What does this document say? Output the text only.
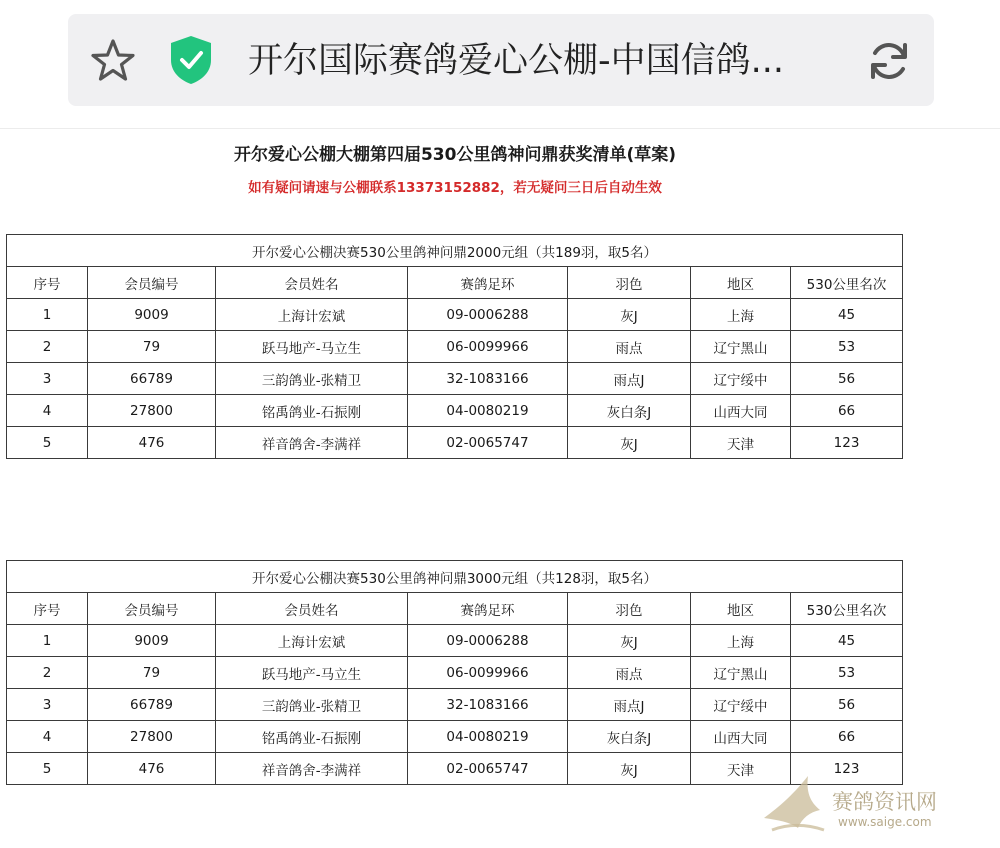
开尔国际赛鸽爱心公棚-中国信鸽...
开尔爱心公棚大棚第四届530公里鸽神问鼎获奖清单(草案)
如有疑问请速与公棚联系13373152882，若无疑问三日后自动生效
开尔爱心公棚决赛530公里鸽神问鼎2000元组（共189羽，取5名）						
序号	会员编号	会员姓名	赛鸽足环	羽色	地区	530公里名次
1	9009	上海计宏斌	09-0006288	灰J	上海	45
2	79	跃马地产-马立生	06-0099966	雨点	辽宁黑山	53
3	66789	三韵鸽业-张精卫	32-1083166	雨点J	辽宁绥中	56
4	27800	铭禹鸽业-石振刚	04-0080219	灰白条J	山西大同	66
5	476	祥音鸽舍-李满祥	02-0065747	灰J	天津	123
开尔爱心公棚决赛530公里鸽神问鼎3000元组（共128羽，取5名）						
序号	会员编号	会员姓名	赛鸽足环	羽色	地区	530公里名次
1	9009	上海计宏斌	09-0006288	灰J	上海	45
2	79	跃马地产-马立生	06-0099966	雨点	辽宁黑山	53
3	66789	三韵鸽业-张精卫	32-1083166	雨点J	辽宁绥中	56
4	27800	铭禹鸽业-石振刚	04-0080219	灰白条J	山西大同	66
5	476	祥音鸽舍-李满祥	02-0065747	灰J	天津	123
赛鸽资讯网
www.saige.com
